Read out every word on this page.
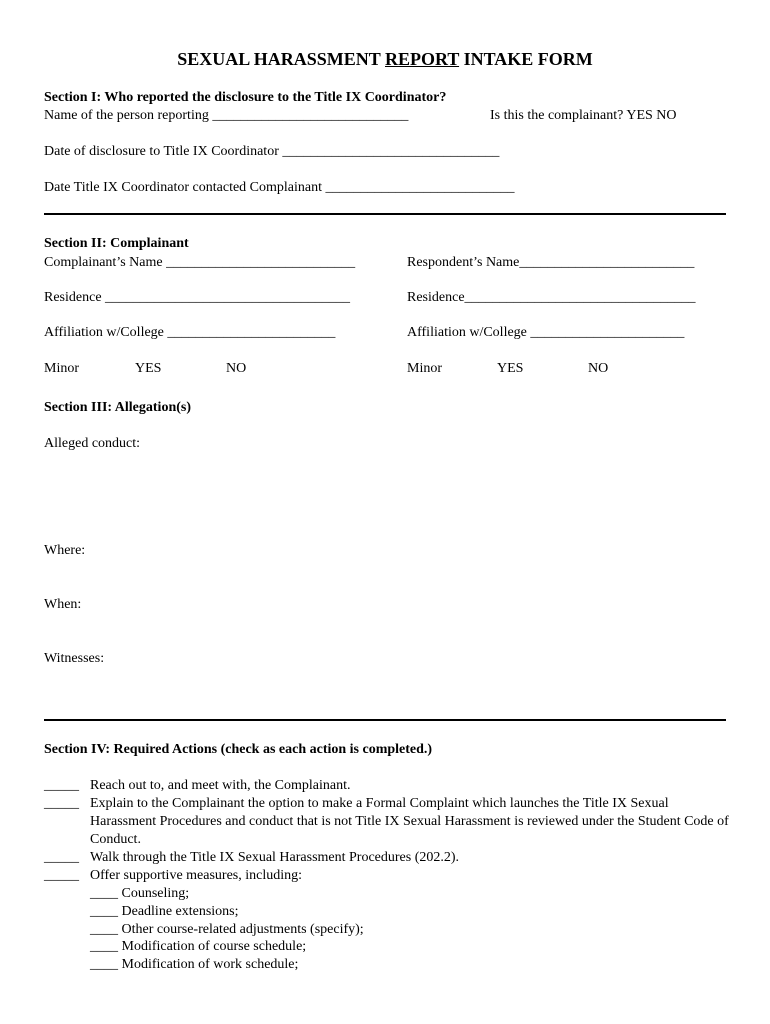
SEXUAL HARASSMENT REPORT INTAKE FORM
Section I: Who reported the disclosure to the Title IX Coordinator?
Name of the person reporting ____________________________	Is this the complainant? YES NO
Date of disclosure to Title IX Coordinator _______________________________
Date Title IX Coordinator contacted Complainant ___________________________
Section II: Complainant
Complainant’s Name ___________________________	Respondent’s Name_________________________
Residence ___________________________________	Residence_________________________________
Affiliation w/College ________________________	Affiliation w/College ______________________
Minor	YES	NO	Minor	YES	NO
Section III: Allegation(s)
Alleged conduct:
Where:
When:
Witnesses:
Section IV: Required Actions (check as each action is completed.)
_____ Reach out to, and meet with, the Complainant.
_____ Explain to the Complainant the option to make a Formal Complaint which launches the Title IX Sexual Harassment Procedures and conduct that is not Title IX Sexual Harassment is reviewed under the Student Code of Conduct.
_____ Walk through the Title IX Sexual Harassment Procedures (202.2).
_____ Offer supportive measures, including:
____ Counseling;
____ Deadline extensions;
____ Other course-related adjustments (specify);
____ Modification of course schedule;
____ Modification of work schedule;
